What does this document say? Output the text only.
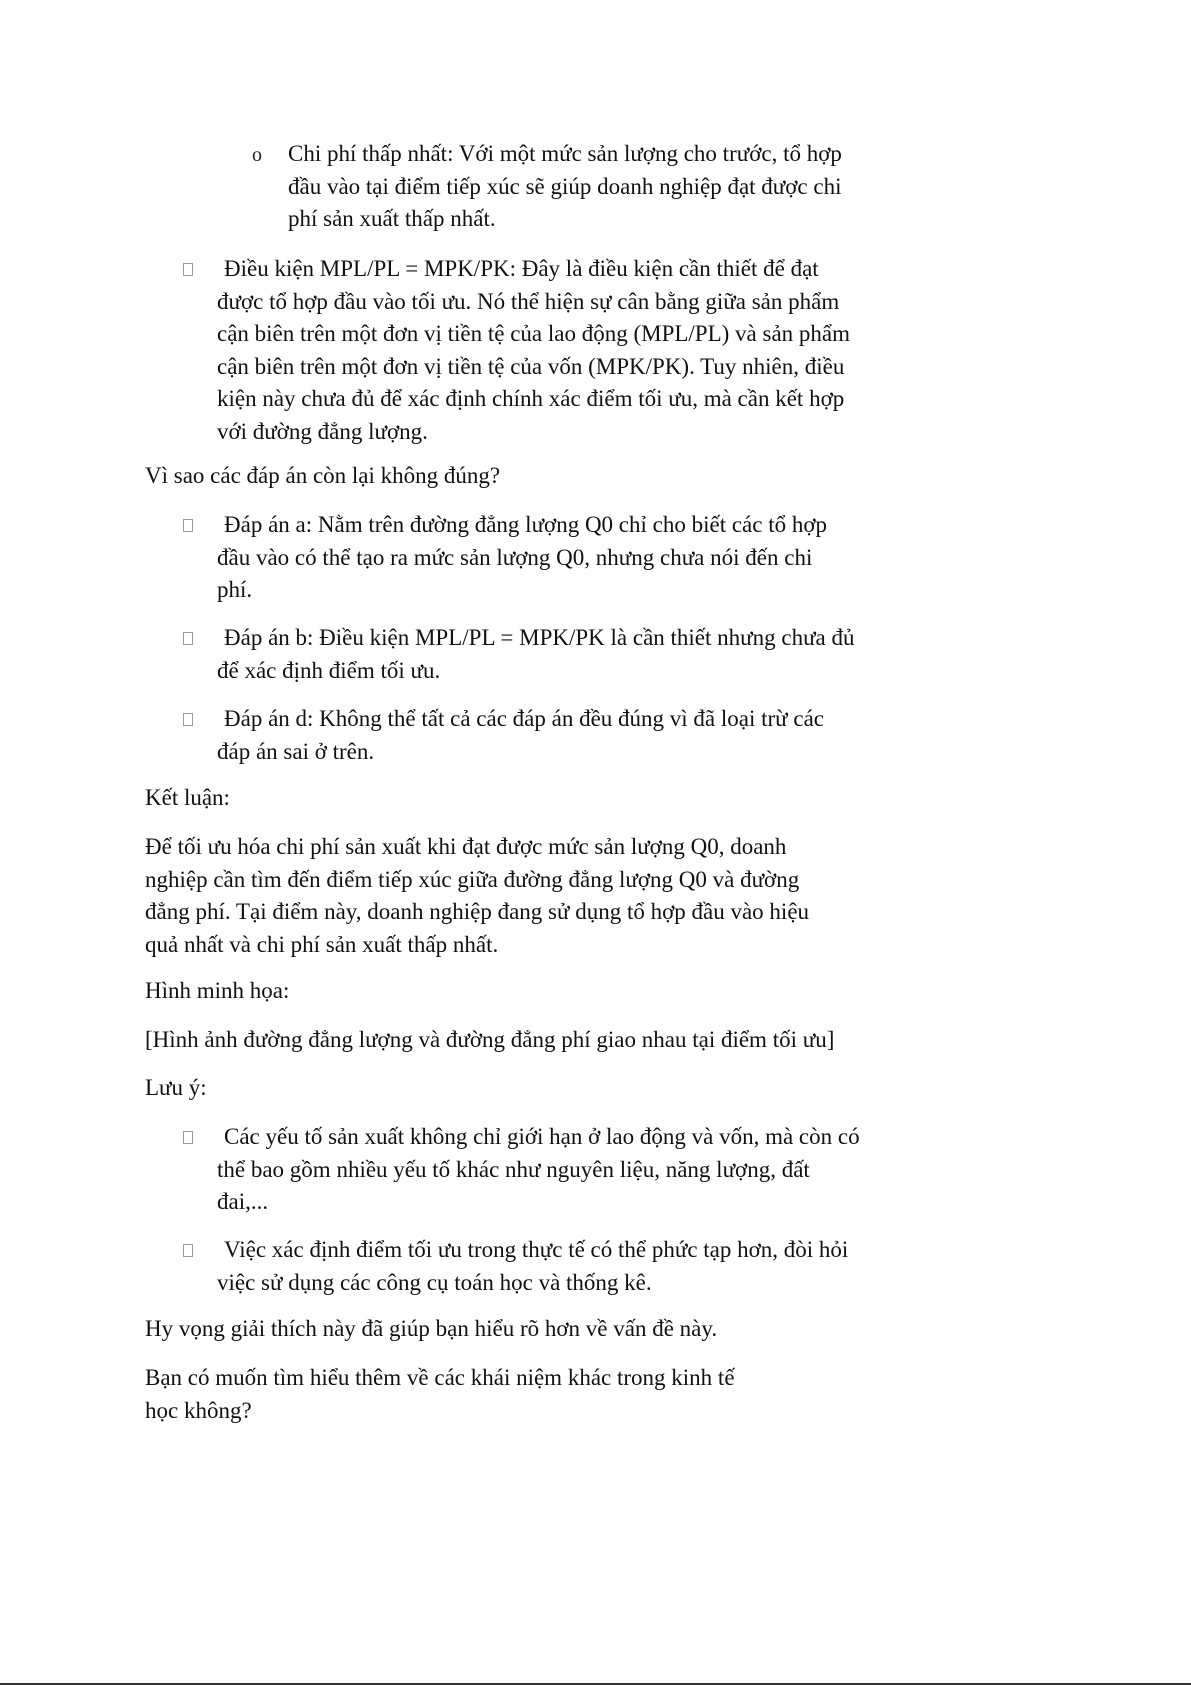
o Chi phí thấp nhất: Với một mức sản lượng cho trước, tổ hợp
đầu vào tại điểm tiếp xúc sẽ giúp doanh nghiệp đạt được chi
phí sản xuất thấp nhất.

Điều kiện MPL/PL = MPK/PK: Đây là điều kiện cần thiết để đạt
được tổ hợp đầu vào tối ưu. Nó thể hiện sự cân bằng giữa sản phẩm
cận biên trên một đơn vị tiền tệ của lao động (MPL/PL) và sản phẩm
cận biên trên một đơn vị tiền tệ của vốn (MPK/PK). Tuy nhiên, điều
kiện này chưa đủ để xác định chính xác điểm tối ưu, mà cần kết hợp
với đường đẳng lượng.

Vì sao các đáp án còn lại không đúng?

Đáp án a: Nằm trên đường đẳng lượng Q0 chỉ cho biết các tổ hợp
đầu vào có thể tạo ra mức sản lượng Q0, nhưng chưa nói đến chi
phí.

Đáp án b: Điều kiện MPL/PL = MPK/PK là cần thiết nhưng chưa đủ
để xác định điểm tối ưu.

Đáp án d: Không thể tất cả các đáp án đều đúng vì đã loại trừ các
đáp án sai ở trên.

Kết luận:

Để tối ưu hóa chi phí sản xuất khi đạt được mức sản lượng Q0, doanh
nghiệp cần tìm đến điểm tiếp xúc giữa đường đẳng lượng Q0 và đường
đẳng phí. Tại điểm này, doanh nghiệp đang sử dụng tổ hợp đầu vào hiệu
quả nhất và chi phí sản xuất thấp nhất.

Hình minh họa:

[Hình ảnh đường đẳng lượng và đường đẳng phí giao nhau tại điểm tối ưu]

Lưu ý:

Các yếu tố sản xuất không chỉ giới hạn ở lao động và vốn, mà còn có
thể bao gồm nhiều yếu tố khác như nguyên liệu, năng lượng, đất
đai,...

Việc xác định điểm tối ưu trong thực tế có thể phức tạp hơn, đòi hỏi
việc sử dụng các công cụ toán học và thống kê.

Hy vọng giải thích này đã giúp bạn hiểu rõ hơn về vấn đề này.

Bạn có muốn tìm hiểu thêm về các khái niệm khác trong kinh tế
học không?
